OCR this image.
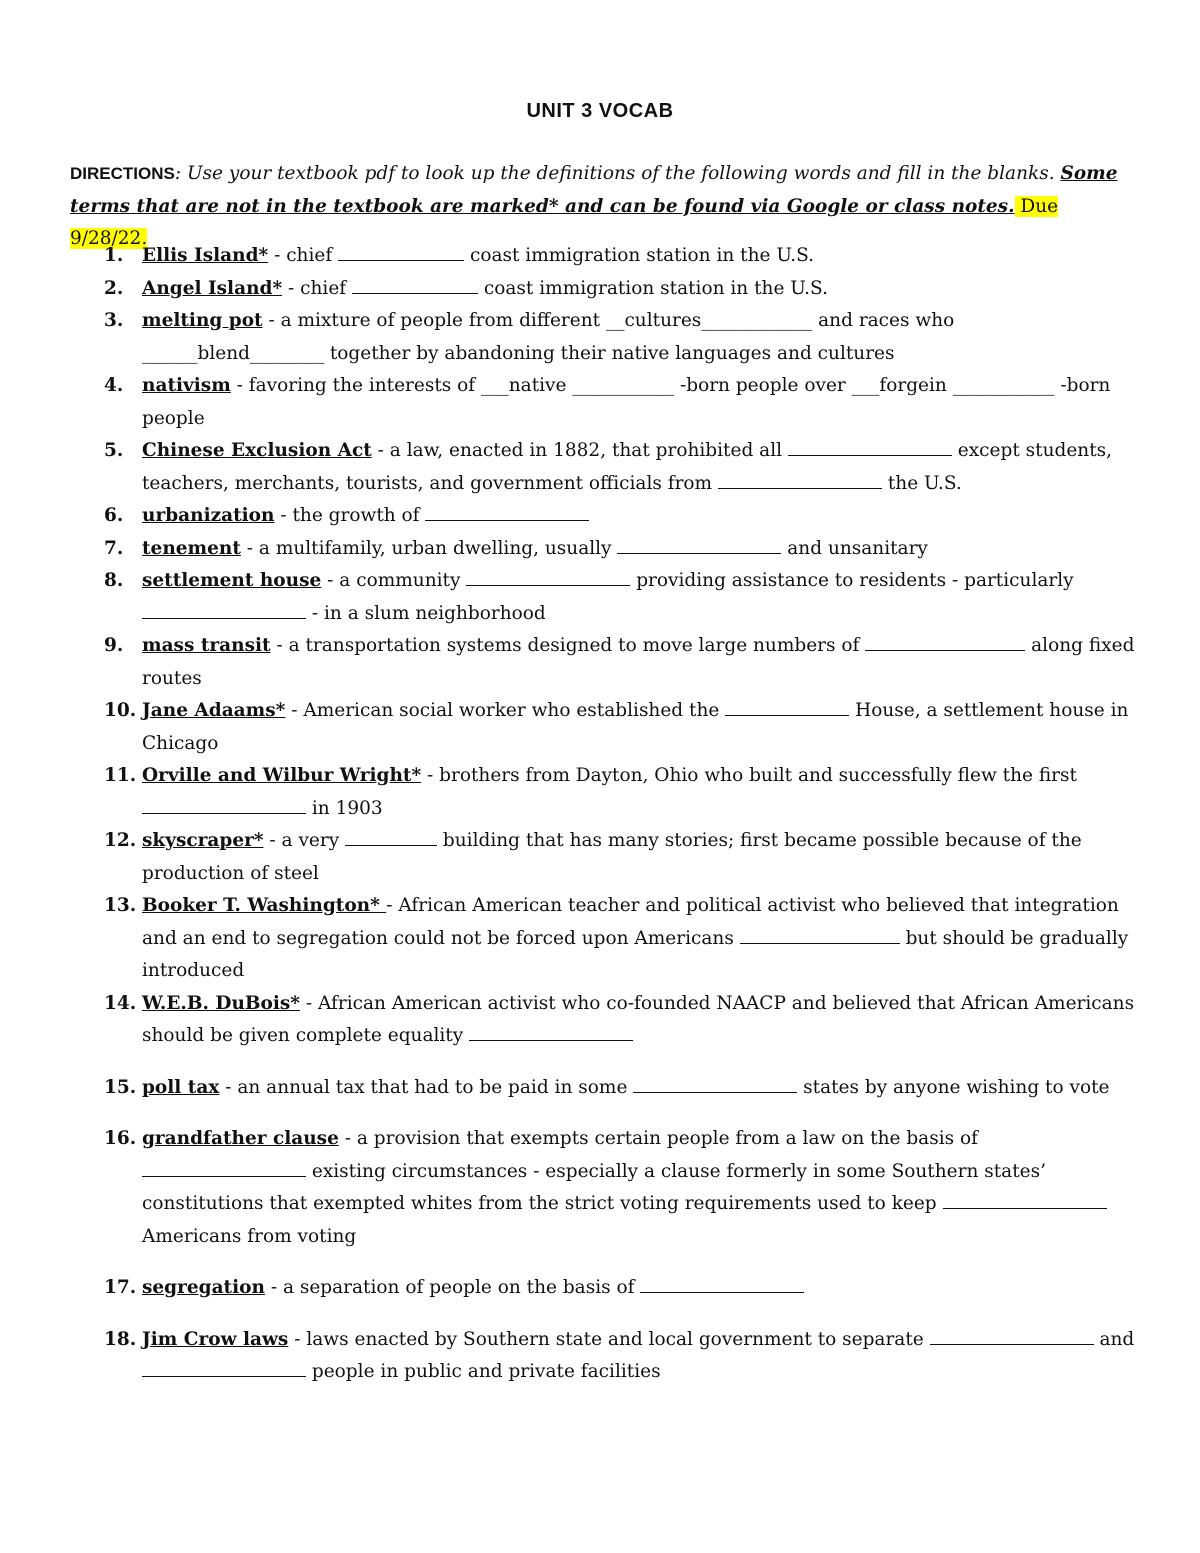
UNIT 3 VOCAB
DIRECTIONS: Use your textbook pdf to look up the definitions of the following words and fill in the blanks. Some terms that are not in the textbook are marked* and can be found via Google or class notes. Due 9/28/22.
1. Ellis Island* - chief	coast immigration station in the U.S.
2. Angel Island* - chief	coast immigration station in the U.S.
3. melting pot - a mixture of people from different __cultures____________ and races who ______blend________ together by abandoning their native languages and cultures
4. nativism - favoring the interests of ___native ___________ -born people over ___forgein ___________ -born people
5. Chinese Exclusion Act - a law, enacted in 1882, that prohibited all	except students, teachers, merchants, tourists, and government officials from	the U.S.
6. urbanization - the growth of
7. tenement - a multifamily, urban dwelling, usually	and unsanitary
8. settlement house - a community	providing assistance to residents - particularly  - in a slum neighborhood
9. mass transit - a transportation systems designed to move large numbers of	along fixed routes
10. Jane Adaams* - American social worker who established the	House, a settlement house in Chicago
11. Orville and Wilbur Wright* - brothers from Dayton, Ohio who built and successfully flew the first  in 1903
12. skyscraper* - a very	building that has many stories; first became possible because of the production of steel
13. Booker T. Washington* - African American teacher and political activist who believed that integration and an end to segregation could not be forced upon Americans	but should be gradually introduced
14. W.E.B. DuBois* - African American activist who co-founded NAACP and believed that African Americans should be given complete equality
15. poll tax - an annual tax that had to be paid in some	states by anyone wishing to vote
16. grandfather clause - a provision that exempts certain people from a law on the basis of  existing circumstances - especially a clause formerly in some Southern states’ constitutions that exempted whites from the strict voting requirements used to keep  Americans from voting
17. segregation - a separation of people on the basis of
18. Jim Crow laws - laws enacted by Southern state and local government to separate	and  people in public and private facilities
